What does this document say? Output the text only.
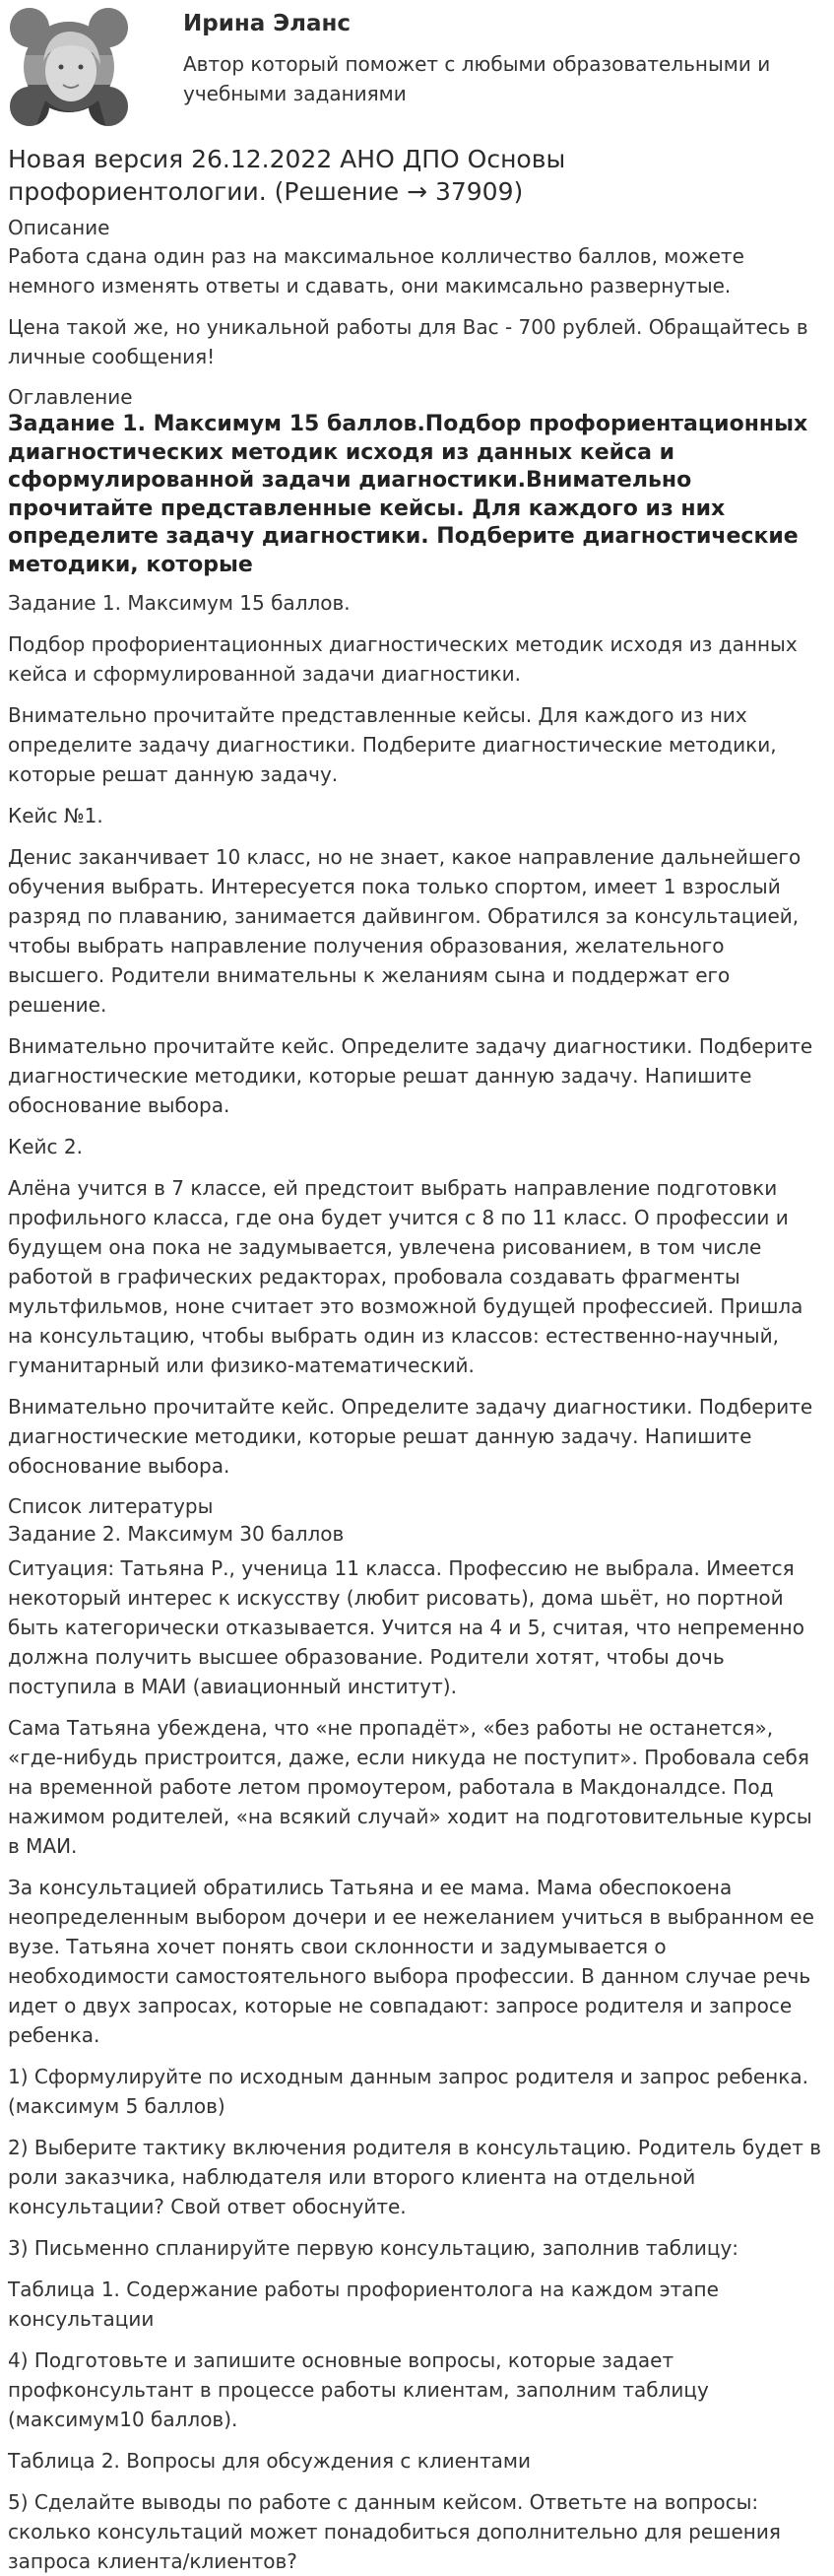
Ирина Эланс
Автор который поможет с любыми образовательными и учебными заданиями
Новая версия 26.12.2022 АНО ДПО Основы профориентологии. (Решение → 37909)
Описание

Работа сдана один раз на максимальное колличество баллов, можете немного изменять ответы и сдавать, они макимсально развернутые.

Цена такой же, но уникальной работы для Вас - 700 рублей. Обращайтесь в личные сообщения!

Оглавление
Задание 1. Максимум 15 баллов.Подбор профориентационных диагностических методик исходя из данных кейса и сформулированной задачи диагностики.Внимательно прочитайте представленные кейсы. Для каждого из них определите задачу диагностики. Подберите диагностические методики, которые

Задание 1. Максимум 15 баллов.

Подбор профориентационных диагностических методик исходя из данных кейса и сформулированной задачи диагностики.

Внимательно прочитайте представленные кейсы. Для каждого из них определите задачу диагностики. Подберите диагностические методики, которые решат данную задачу.

Кейс №1.

Денис заканчивает 10 класс, но не знает, какое направление дальнейшего обучения выбрать. Интересуется пока только спортом, имеет 1 взрослый разряд по плаванию, занимается дайвингом. Обратился за консультацией, чтобы выбрать направление получения образования, желательного высшего. Родители внимательны к желаниям сына и поддержат его решение.

Внимательно прочитайте кейс. Определите задачу диагностики. Подберите диагностические методики, которые решат данную задачу. Напишите обоснование выбора.

Кейс 2.

Алёна учится в 7 классе, ей предстоит выбрать направление подготовки профильного класса, где она будет учится с 8 по 11 класс. О профессии и будущем она пока не задумывается, увлечена рисованием, в том числе работой в графических редакторах, пробовала создавать фрагменты мультфильмов, ноне считает это возможной будущей профессией. Пришла на консультацию, чтобы выбрать один из классов: естественно-научный, гуманитарный или физико-математический.

Внимательно прочитайте кейс. Определите задачу диагностики. Подберите диагностические методики, которые решат данную задачу. Напишите обоснование выбора.

Список литературы
Задание 2. Максимум 30 баллов

Ситуация: Татьяна Р., ученица 11 класса. Профессию не выбрала. Имеется некоторый интерес к искусству (любит рисовать), дома шьёт, но портной быть категорически отказывается. Учится на 4 и 5, считая, что непременно должна получить высшее образование. Родители хотят, чтобы дочь поступила в МАИ (авиационный институт).

Сама Татьяна убеждена, что «не пропадёт», «без работы не останется», «где-нибудь пристроится, даже, если никуда не поступит». Пробовала себя на временной работе летом промоутером, работала в Макдоналдсе. Под нажимом родителей, «на всякий случай» ходит на подготовительные курсы в МАИ.

За консультацией обратились Татьяна и ее мама. Мама обеспокоена неопределенным выбором дочери и ее нежеланием учиться в выбранном ее вузе. Татьяна хочет понять свои склонности и задумывается о необходимости самостоятельного выбора профессии. В данном случае речь идет о двух запросах, которые не совпадают: запросе родителя и запросе ребенка.

1) Сформулируйте по исходным данным запрос родителя и запрос ребенка. (максимум 5 баллов)

2) Выберите тактику включения родителя в консультацию. Родитель будет в роли заказчика, наблюдателя или второго клиента на отдельной консультации? Свой ответ обоснуйте.

3) Письменно спланируйте первую консультацию, заполнив таблицу:

Таблица 1. Содержание работы профориентолога на каждом этапе консультации

4) Подготовьте и запишите основные вопросы, которые задает профконсультант в процессе работы клиентам, заполним таблицу (максимум10 баллов).

Таблица 2. Вопросы для обсуждения с клиентами

5) Сделайте выводы по работе с данным кейсом. Ответьте на вопросы: сколько консультаций может понадобиться дополнительно для решения запроса клиента/клиентов?
